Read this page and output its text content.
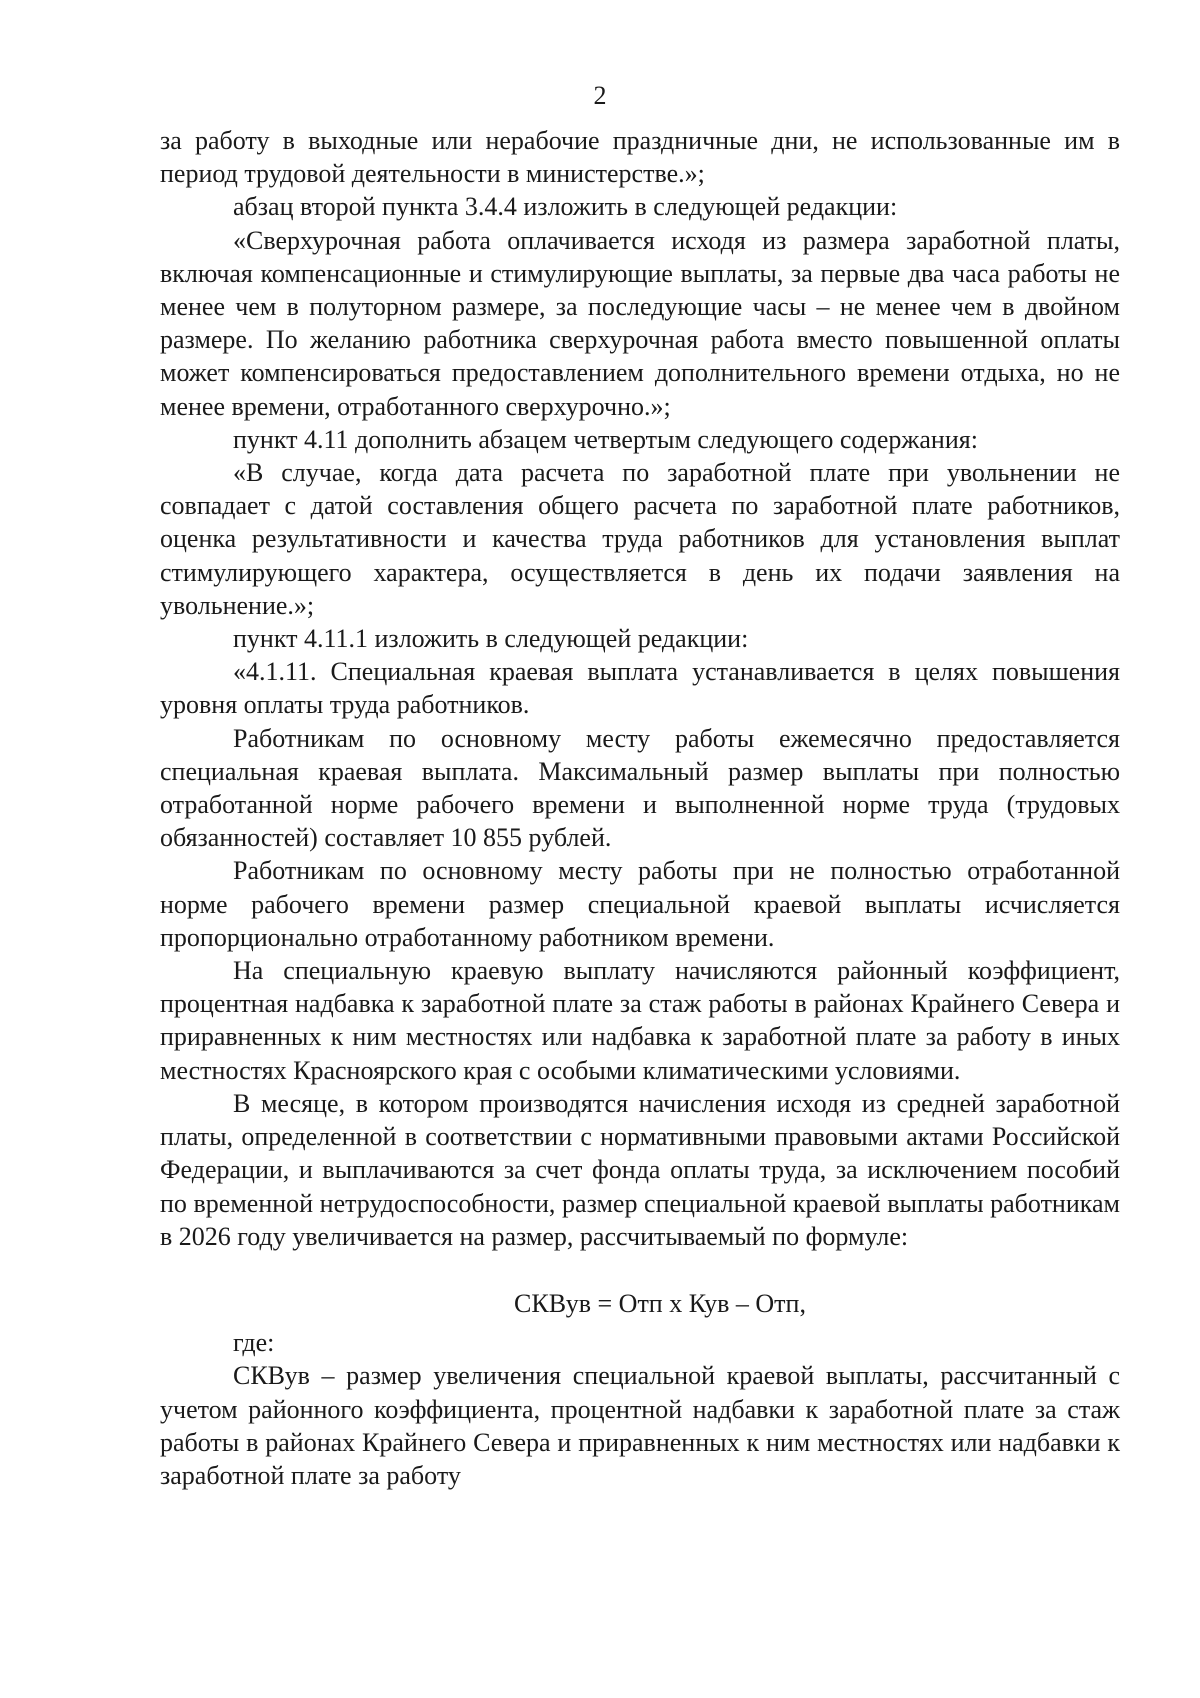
2

за работу в выходные или нерабочие праздничные дни, не использованные им в период трудовой деятельности в министерстве.»;

абзац второй пункта 3.4.4 изложить в следующей редакции:

«Сверхурочная работа оплачивается исходя из размера заработной платы, включая компенсационные и стимулирующие выплаты, за первые два часа работы не менее чем в полуторном размере, за последующие часы – не менее чем в двойном размере. По желанию работника сверхурочная работа вместо повышенной оплаты может компенсироваться предоставлением дополнительного времени отдыха, но не менее времени, отработанного сверхурочно.»;

пункт 4.11 дополнить абзацем четвертым следующего содержания:

«В случае, когда дата расчета по заработной плате при увольнении не совпадает с датой составления общего расчета по заработной плате работников, оценка результативности и качества труда работников для установления выплат стимулирующего характера, осуществляется в день их подачи заявления на увольнение.»;

пункт 4.11.1 изложить в следующей редакции:

«4.1.11. Специальная краевая выплата устанавливается в целях повышения уровня оплаты труда работников.

Работникам по основному месту работы ежемесячно предоставляется специальная краевая выплата. Максимальный размер выплаты при полностью отработанной норме рабочего времени и выполненной норме труда (трудовых обязанностей) составляет 10 855 рублей.

Работникам по основному месту работы при не полностью отработанной норме рабочего времени размер специальной краевой выплаты исчисляется пропорционально отработанному работником времени.

На специальную краевую выплату начисляются районный коэффициент, процентная надбавка к заработной плате за стаж работы в районах Крайнего Севера и приравненных к ним местностях или надбавка к заработной плате за работу в иных местностях Красноярского края с особыми климатическими условиями.

В месяце, в котором производятся начисления исходя из средней заработной платы, определенной в соответствии с нормативными правовыми актами Российской Федерации, и выплачиваются за счет фонда оплаты труда, за исключением пособий по временной нетрудоспособности, размер специальной краевой выплаты работникам в 2026 году увеличивается на размер, рассчитываемый по формуле:

СКВув = Отп х Кув – Отп,

где:

СКВув – размер увеличения специальной краевой выплаты, рассчитанный с учетом районного коэффициента, процентной надбавки к заработной плате за стаж работы в районах Крайнего Севера и приравненных к ним местностях или надбавки к заработной плате за работу
